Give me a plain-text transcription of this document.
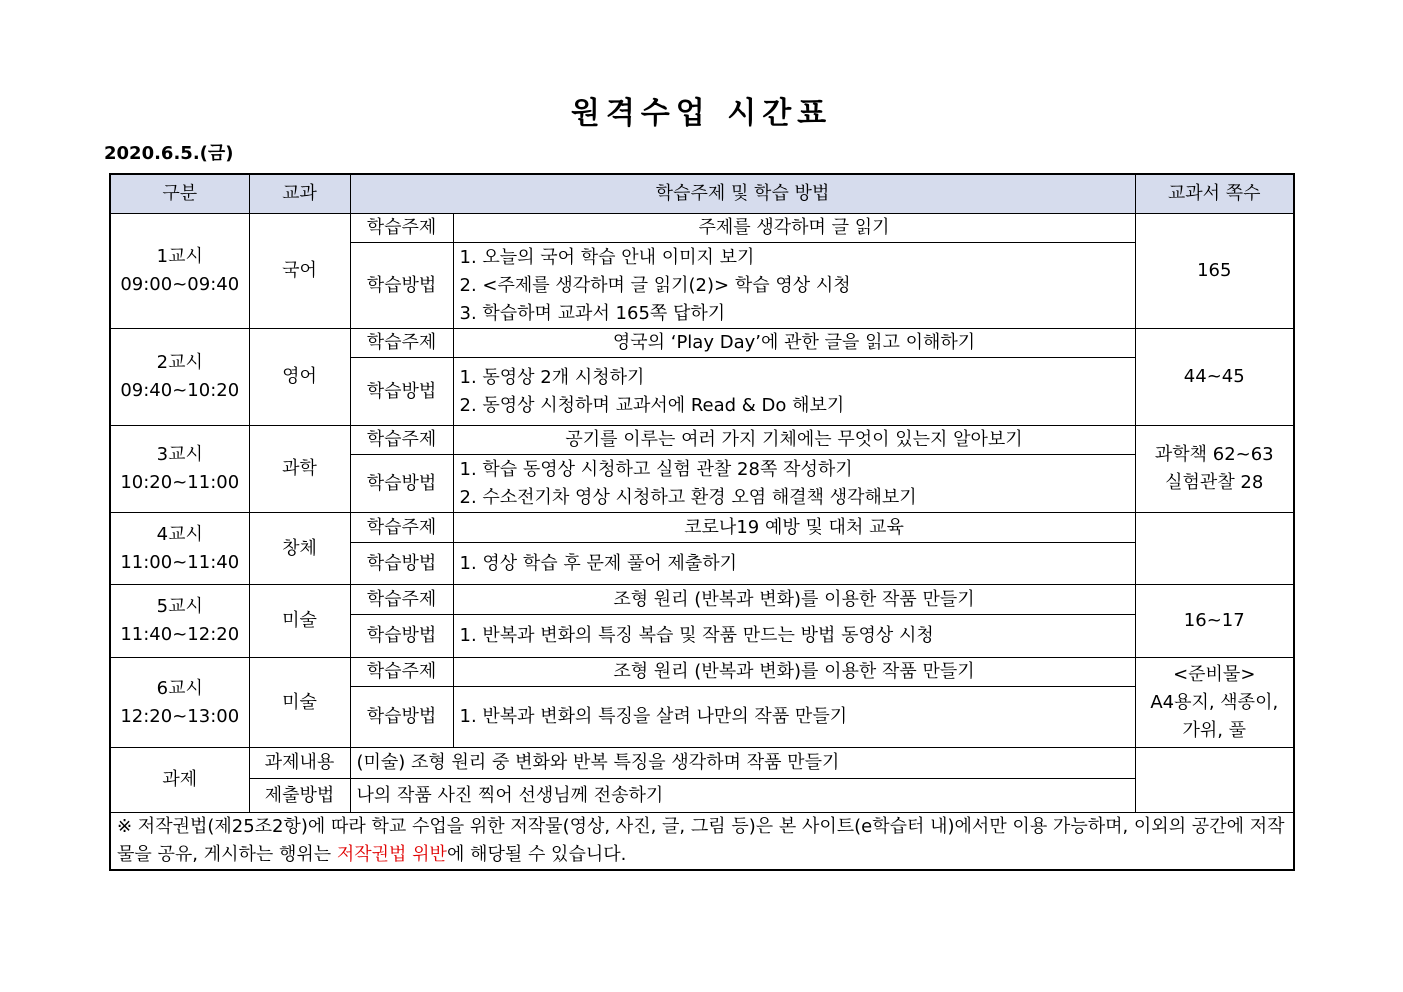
원격수업 시간표
2020.6.5.(금)
구분	교과	학습주제 및 학습 방법		교과서 쪽수

1교시
09:00~09:40	국어	학습주제	주제를 생각하며 글 읽기	165

		학습방법	1. 오늘의 국어 학습 안내 이미지 보기
2. <주제를 생각하며 글 읽기(2)> 학습 영상 시청
3. 학습하며 교과서 165쪽 답하기	

2교시
09:40~10:20	영어	학습주제	영국의 ‘Play Day’에 관한 글을 읽고 이해하기	44~45

		학습방법	1. 동영상 2개 시청하기
2. 동영상 시청하며 교과서에 Read & Do 해보기	

3교시
10:20~11:00	과학	학습주제	공기를 이루는 여러 가지 기체에는 무엇이 있는지 알아보기	과학책 62~63
실험관찰 28

		학습방법	1. 학습 동영상 시청하고 실험 관찰 28쪽 작성하기
2. 수소전기차 영상 시청하고 환경 오염 해결책 생각해보기	

4교시
11:00~11:40	창체	학습주제	코로나19 예방 및 대처 교육	
		학습방법	1. 영상 학습 후 문제 풀어 제출하기	

5교시
11:40~12:20	미술	학습주제	조형 원리 (반복과 변화)를 이용한 작품 만들기	16~17

		학습방법	1. 반복과 변화의 특징 복습 및 작품 만드는 방법 동영상 시청	

6교시
12:20~13:00	미술	학습주제	조형 원리 (반복과 변화)를 이용한 작품 만들기	<준비물>
A4용지, 색종이,
가위, 풀

		학습방법	1. 반복과 변화의 특징을 살려 나만의 작품 만들기	

과제	과제내용	(미술) 조형 원리 중 변화와 반복 특징을 생각하며 작품 만들기		
	제출방법	나의 작품 사진 찍어 선생님께 전송하기		
※ 저작권법(제25조2항)에 따라 학교 수업을 위한 저작물(영상, 사진, 글, 그림 등)은 본 사이트(e학습터 내)에서만 이용 가능하며, 이외의 공간에 저작물을 공유, 게시하는 행위는 저작권법 위반에 해당될 수 있습니다.				
